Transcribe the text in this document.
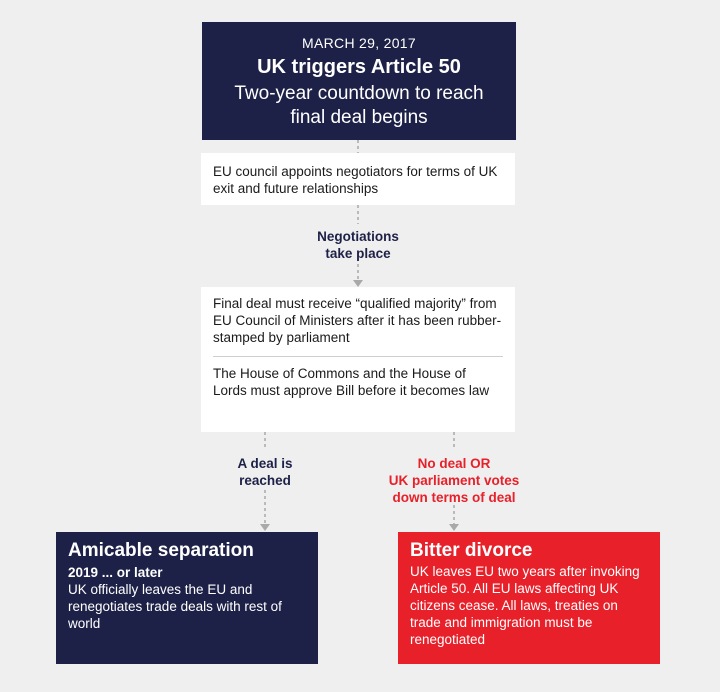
MARCH 29, 2017
UK triggers Article 50
Two-year countdown to reach final deal begins
EU council appoints negotiators for terms of UK exit and future relationships
Negotiations
take place
Final deal must receive “qualified majority” from EU Council of Ministers after it has been rubber-stamped by parliament
The House of Commons and the House of Lords must approve Bill before it becomes law
A deal is
reached
No deal OR
UK parliament votes
down terms of deal
Amicable separation
2019 ... or later
UK officially leaves the EU and renegotiates trade deals with rest of world
Bitter divorce
UK leaves EU two years after invoking Article 50. All EU laws affecting UK citizens cease. All laws, treaties on trade and immigration must be renegotiated
